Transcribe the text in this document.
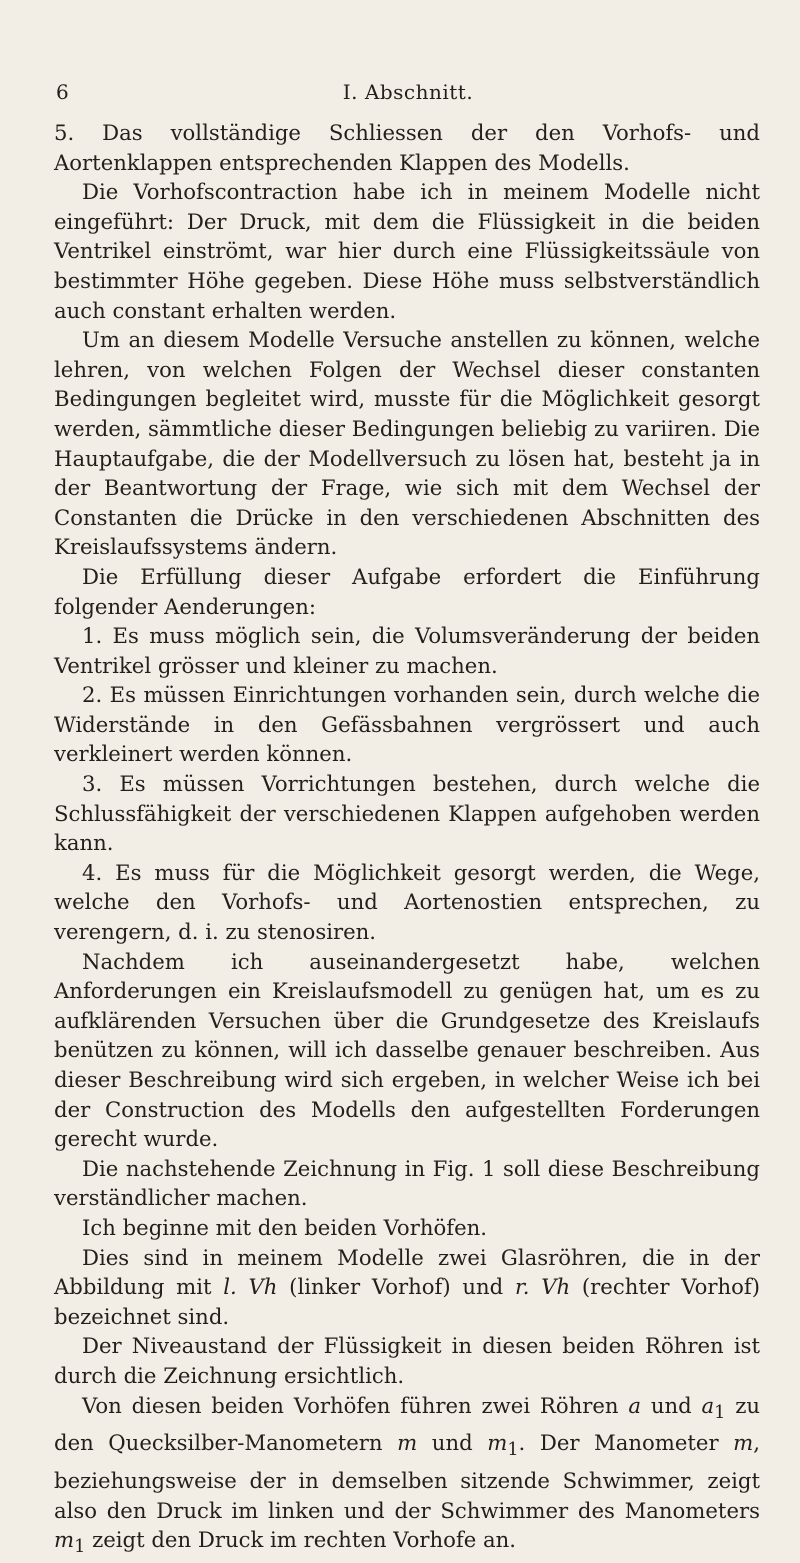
6	I. Abschnitt.

5. Das vollständige Schliessen der den Vorhofs- und Aortenklappen entsprechenden Klappen des Modells.

Die Vorhofscontraction habe ich in meinem Modelle nicht eingeführt: Der Druck, mit dem die Flüssigkeit in die beiden Ventrikel einströmt, war hier durch eine Flüssigkeitssäule von bestimmter Höhe gegeben. Diese Höhe muss selbstverständlich auch constant erhalten werden.

Um an diesem Modelle Versuche anstellen zu können, welche lehren, von welchen Folgen der Wechsel dieser constanten Bedingungen begleitet wird, musste für die Möglichkeit gesorgt werden, sämmtliche dieser Bedingungen beliebig zu variiren. Die Hauptaufgabe, die der Modellversuch zu lösen hat, besteht ja in der Beantwortung der Frage, wie sich mit dem Wechsel der Constanten die Drücke in den verschiedenen Abschnitten des Kreislaufssystems ändern.

Die Erfüllung dieser Aufgabe erfordert die Einführung folgender Aenderungen:

1. Es muss möglich sein, die Volumsveränderung der beiden Ventrikel grösser und kleiner zu machen.

2. Es müssen Einrichtungen vorhanden sein, durch welche die Widerstände in den Gefässbahnen vergrössert und auch verkleinert werden können.

3. Es müssen Vorrichtungen bestehen, durch welche die Schlussfähigkeit der verschiedenen Klappen aufgehoben werden kann.

4. Es muss für die Möglichkeit gesorgt werden, die Wege, welche den Vorhofs- und Aortenostien entsprechen, zu verengern, d. i. zu stenosiren.

Nachdem ich auseinandergesetzt habe, welchen Anforderungen ein Kreislaufsmodell zu genügen hat, um es zu aufklärenden Versuchen über die Grundgesetze des Kreislaufs benützen zu können, will ich dasselbe genauer beschreiben. Aus dieser Beschreibung wird sich ergeben, in welcher Weise ich bei der Construction des Modells den aufgestellten Forderungen gerecht wurde.

Die nachstehende Zeichnung in Fig. 1 soll diese Beschreibung verständlicher machen.

Ich beginne mit den beiden Vorhöfen.

Dies sind in meinem Modelle zwei Glasröhren, die in der Abbildung mit l. Vh (linker Vorhof) und r. Vh (rechter Vorhof) bezeichnet sind.

Der Niveaustand der Flüssigkeit in diesen beiden Röhren ist durch die Zeichnung ersichtlich.

Von diesen beiden Vorhöfen führen zwei Röhren a und $a_1$ zu den Quecksilber-Manometern m und $m_1$. Der Manometer m, beziehungsweise der in demselben sitzende Schwimmer, zeigt also den Druck im linken und der Schwimmer des Manometers $m_1$ zeigt den Druck im rechten Vorhofe an.
